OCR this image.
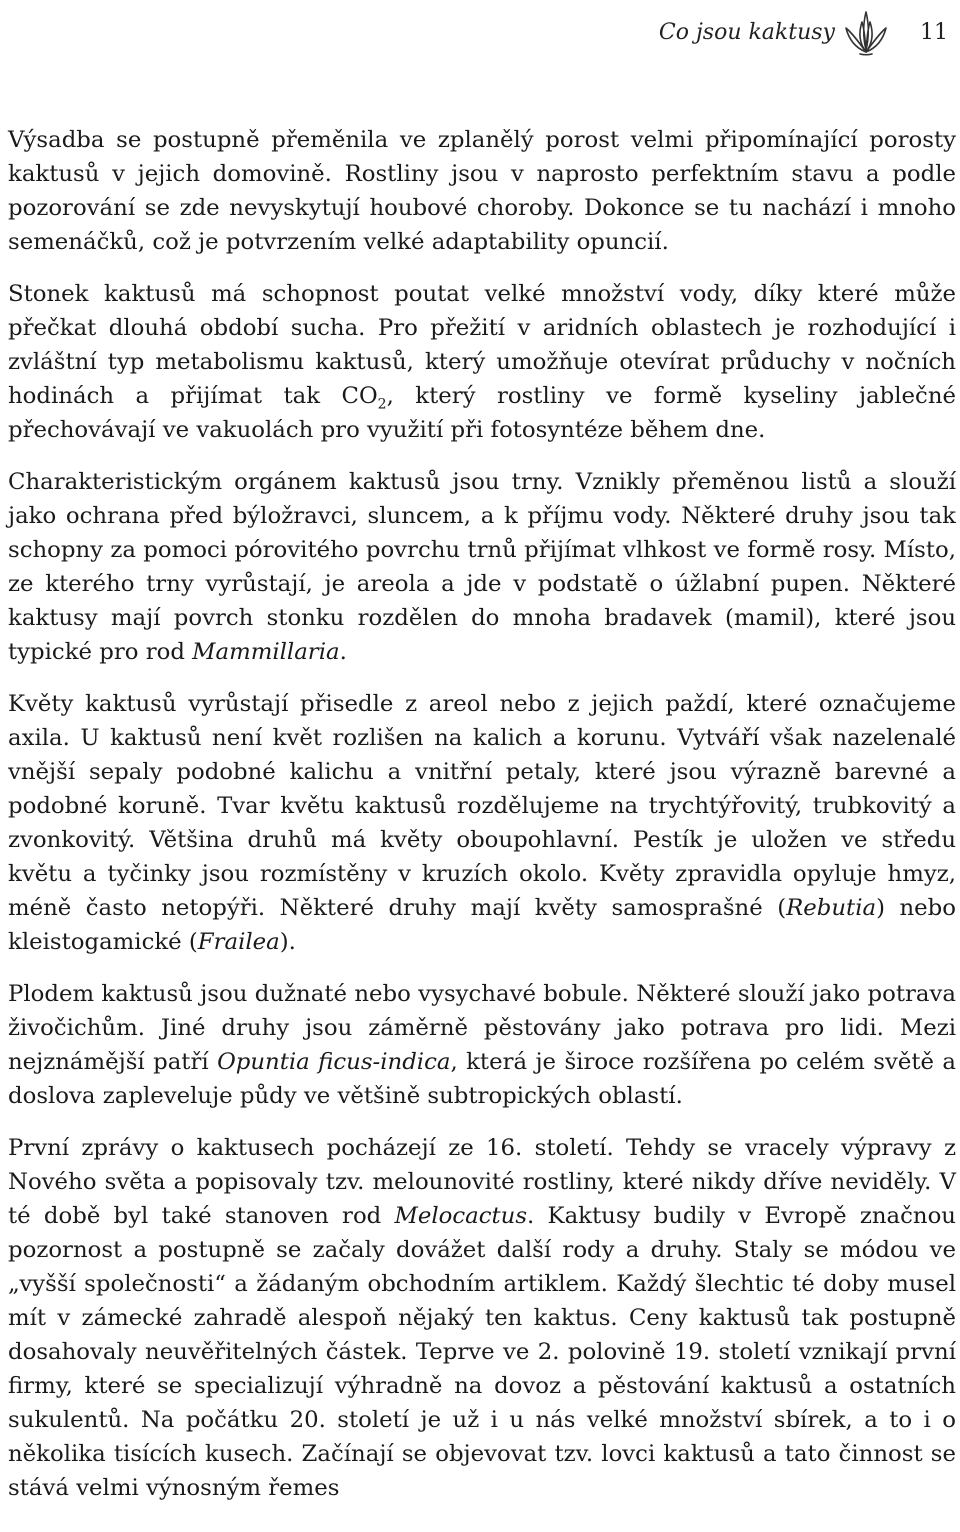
Co jsou kaktusy	11

Výsadba se postupně přeměnila ve zplanělý porost velmi připomínající porosty kaktusů v jejich domovině. Rostliny jsou v naprosto perfektním stavu a podle pozorování se zde nevyskytují houbové choroby. Dokonce se tu nachází i mnoho semenáčků, což je potvrzením velké adaptability opuncií.

Stonek kaktusů má schopnost poutat velké množství vody, díky které může přečkat dlouhá období sucha. Pro přežití v aridních oblastech je rozhodující i zvláštní typ metabolismu kaktusů, který umožňuje otevírat průduchy v nočních hodinách a přijímat tak $CO_2$, který rostliny ve formě kyseliny jablečné přechovávají ve vakuolách pro využití při fotosyntéze během dne.

Charakteristickým orgánem kaktusů jsou trny. Vznikly přeměnou listů a slouží jako ochrana před býložravci, sluncem, a k příjmu vody. Některé druhy jsou tak schopny za pomoci pórovitého povrchu trnů přijímat vlhkost ve formě rosy. Místo, ze kterého trny vyrůstají, je areola a jde v podstatě o úžlabní pupen. Některé kaktusy mají povrch stonku rozdělen do mnoha bradavek (mamil), které jsou typické pro rod Mammillaria.

Květy kaktusů vyrůstají přisedle z areol nebo z jejich paždí, které označujeme axila. U kaktusů není květ rozlišen na kalich a korunu. Vytváří však nazelenalé vnější sepaly podobné kalichu a vnitřní petaly, které jsou výrazně barevné a podobné koruně. Tvar květu kaktusů rozdělujeme na trychtýřovitý, trubkovitý a zvonkovitý. Většina druhů má květy oboupohlavní. Pestík je uložen ve středu květu a tyčinky jsou rozmístěny v kruzích okolo. Květy zpravidla opyluje hmyz, méně často netopýři. Některé druhy mají květy samosprašné (Rebutia) nebo kleistogamické (Frailea).

Plodem kaktusů jsou dužnaté nebo vysychavé bobule. Některé slouží jako potrava živočichům. Jiné druhy jsou záměrně pěstovány jako potrava pro lidi. Mezi nejznámější patří Opuntia ficus-indica, která je široce rozšířena po celém světě a doslova zapleveluje půdy ve většině subtropických oblastí.

První zprávy o kaktusech pocházejí ze 16. století. Tehdy se vracely výpravy z Nového světa a popisovaly tzv. melounovité rostliny, které nikdy dříve neviděly. V té době byl také stanoven rod Melocactus. Kaktusy budily v Evropě značnou pozornost a postupně se začaly dovážet další rody a druhy. Staly se módou ve „vyšší společnosti“ a žádaným obchodním artiklem. Každý šlechtic té doby musel mít v zámecké zahradě alespoň nějaký ten kaktus. Ceny kaktusů tak postupně dosahovaly neuvěřitelných částek. Teprve ve 2. polovině 19. století vznikají první firmy, které se specializují výhradně na dovoz a pěstování kaktusů a ostatních sukulentů. Na počátku 20. století je už i u nás velké množství sbírek, a to i o několika tisících kusech. Začínají se objevovat tzv. lovci kaktusů a tato činnost se stává velmi výnosným řemes
